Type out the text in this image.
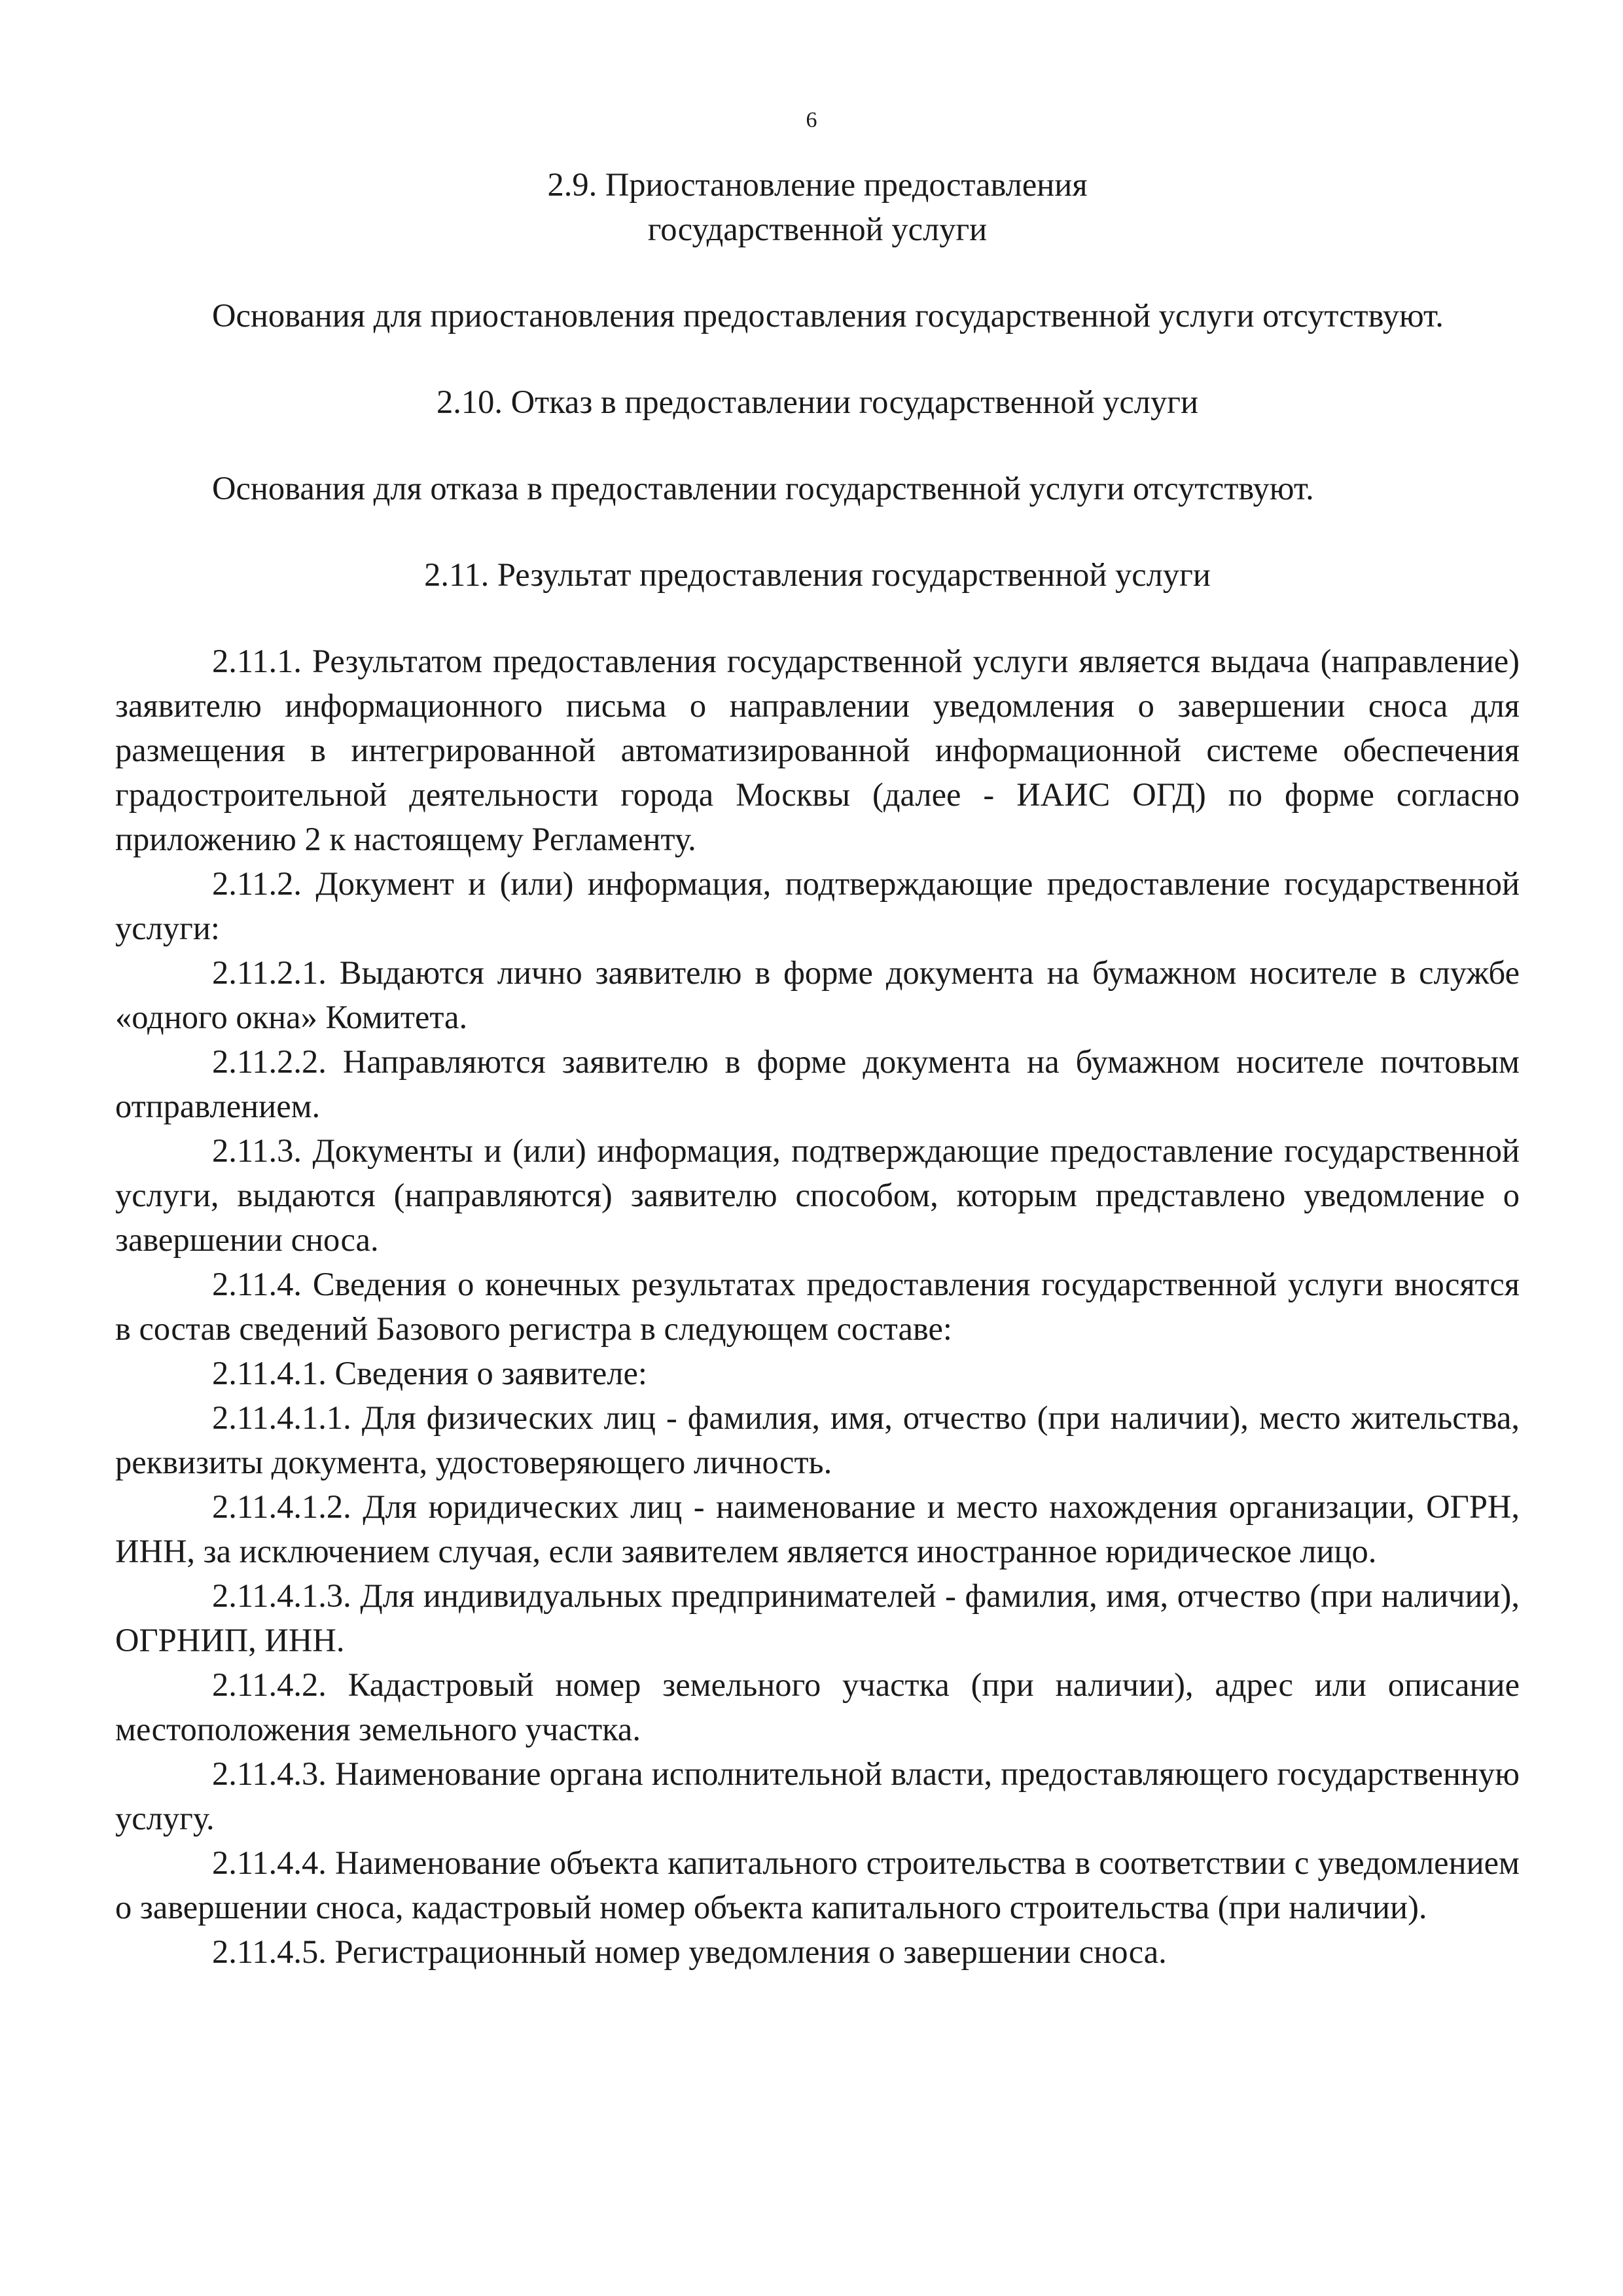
6
2.9. Приостановление предоставления
государственной услуги

Основания для приостановления предоставления государственной услуги отсутствуют.

2.10. Отказ в предоставлении государственной услуги

Основания для отказа в предоставлении государственной услуги отсутствуют.

2.11. Результат предоставления государственной услуги

2.11.1. Результатом предоставления государственной услуги является выдача (направление) заявителю информационного письма о направлении уведомления о завершении сноса для размещения в интегрированной автоматизированной информационной системе обеспечения градостроительной деятельности города Москвы (далее - ИАИС ОГД) по форме согласно приложению 2 к настоящему Регламенту.

2.11.2. Документ и (или) информация, подтверждающие предоставление государственной услуги:

2.11.2.1. Выдаются лично заявителю в форме документа на бумажном носителе в службе «одного окна» Комитета.

2.11.2.2. Направляются заявителю в форме документа на бумажном носителе почтовым отправлением.

2.11.3. Документы и (или) информация, подтверждающие предоставление государственной услуги, выдаются (направляются) заявителю способом, которым представлено уведомление о завершении сноса.

2.11.4. Сведения о конечных результатах предоставления государственной услуги вносятся в состав сведений Базового регистра в следующем составе:

2.11.4.1. Сведения о заявителе:

2.11.4.1.1. Для физических лиц - фамилия, имя, отчество (при наличии), место жительства, реквизиты документа, удостоверяющего личность.

2.11.4.1.2. Для юридических лиц - наименование и место нахождения организации, ОГРН, ИНН, за исключением случая, если заявителем является иностранное юридическое лицо.

2.11.4.1.3. Для индивидуальных предпринимателей - фамилия, имя, отчество (при наличии), ОГРНИП, ИНН.

2.11.4.2. Кадастровый номер земельного участка (при наличии), адрес или описание местоположения земельного участка.

2.11.4.3. Наименование органа исполнительной власти, предоставляющего государственную услугу.

2.11.4.4. Наименование объекта капитального строительства в соответствии с уведомлением о завершении сноса, кадастровый номер объекта капитального строительства (при наличии).

2.11.4.5. Регистрационный номер уведомления о завершении сноса.
